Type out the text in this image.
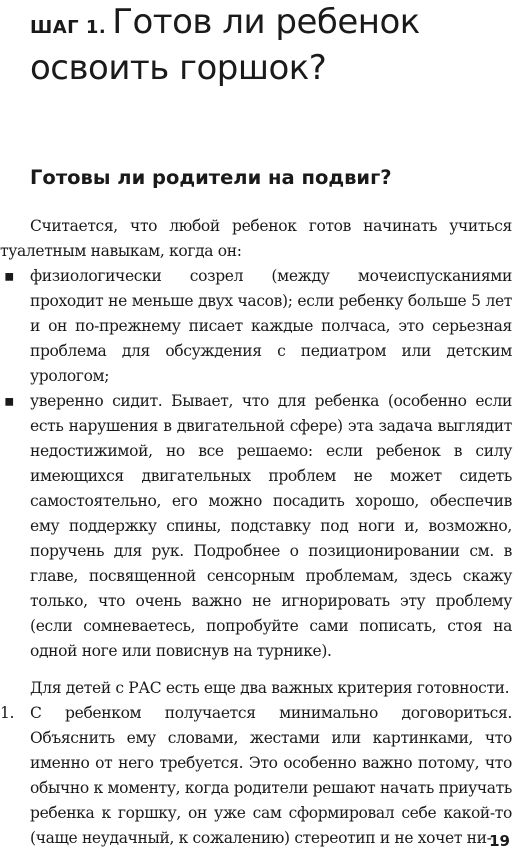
ШАГ 1. Готов ли ребенок освоить горшок?
Готовы ли родители на подвиг?

Считается, что любой ребенок готов начинать учиться туалетным навыкам, когда он:

▪ физиологически созрел (между мочеиспусканиями проходит не меньше двух часов); если ребенку больше 5 лет и он по-прежнему писает каждые полчаса, это серьезная проблема для обсуждения с педиатром или детским урологом;
▪ уверенно сидит. Бывает, что для ребенка (особенно если есть нарушения в двигательной сфере) эта задача выглядит недостижимой, но все решаемо: если ребенок в силу имеющихся двигательных проблем не может сидеть самостоятельно, его можно посадить хорошо, обеспечив ему поддержку спины, подставку под ноги и, возможно, поручень для рук. Подробнее о позиционировании см. в главе, посвященной сенсорным проблемам, здесь скажу только, что очень важно не игнорировать эту проблему (если сомневаетесь, попробуйте сами пописать, стоя на одной ноге или повиснув на турнике).

Для детей с РАС есть еще два важных критерия готовности.

1. С ребенком получается минимально договориться. Объяснить ему словами, жестами или картинками, что именно от него требуется. Это особенно важно потому, что обычно к моменту, когда родители решают начать приучать ребенка к горшку, он уже сам сформировал себе какой-то (чаще неудачный, к сожалению) стереотип и не хочет ни-
19
